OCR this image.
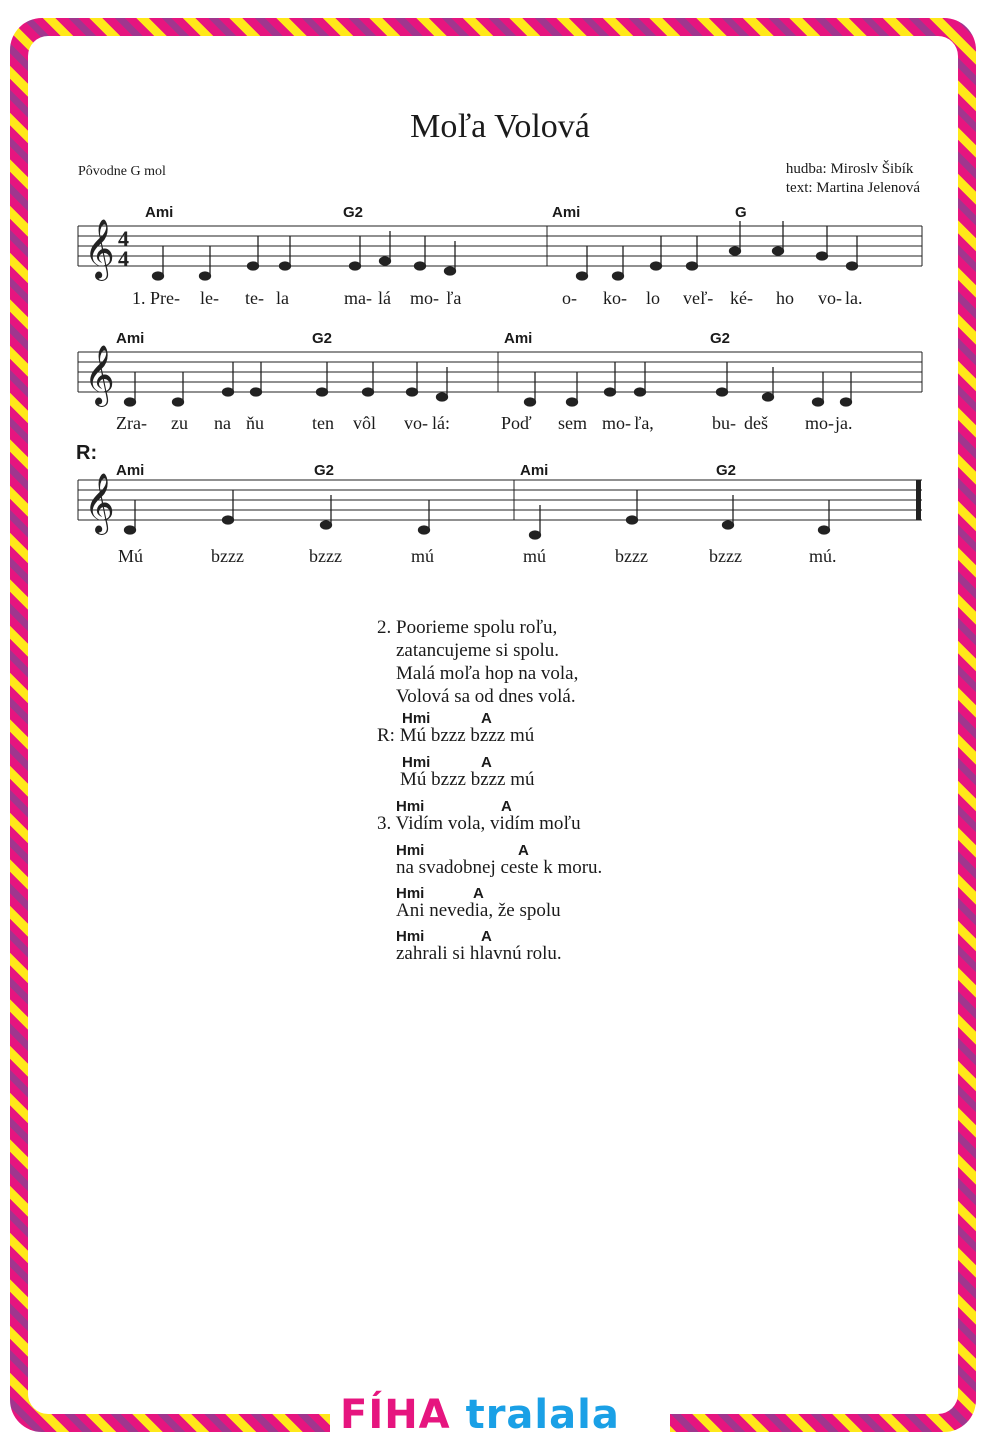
Moľa Volová
Pôvodne G mol	hudba: Miroslv Šibík
text: Martina Jelenová
𝄞
𝄞
𝄞
4
4
Ami	G2	Ami	G
1. Pre- le- te- la	ma- lá mo- ľa	o- ko- lo veľ- ké- ho vo- la.
Ami	G2	Ami	G2
Zra- zu na ňu	ten vôl vo- lá:	Poď sem mo- ľa,	bu- deš mo- ja.
R:
Ami	G2	Ami	G2
Mú	bzzz	bzzz	mú	mú	bzzz	bzzz	mú.
2. Poorieme spolu roľu,
zatancujeme si spolu.
Malá moľa hop na vola,
Volová sa od dnes volá.
Hmi	A
R: Mú bzzz bzzz mú
Hmi	A
Mú bzzz bzzz mú
Hmi	A
3. Vidím vola, vidím moľu
Hmi	A
na svadobnej ceste k moru.
Hmi	A
Ani nevedia, že spolu
Hmi	A
zahrali si hlavnú rolu.
FÍHA tralala
